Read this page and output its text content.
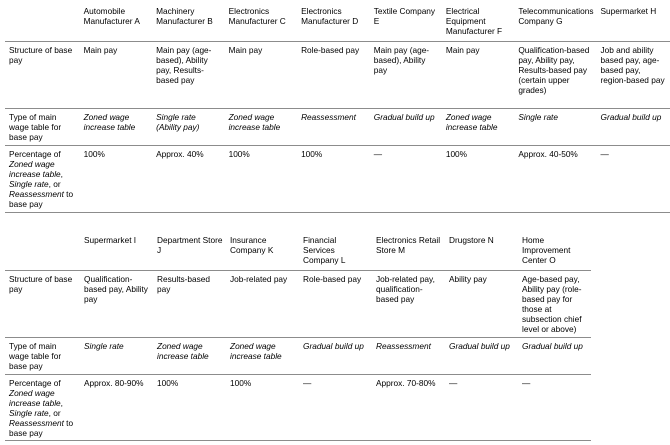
	Automobile Manufacturer A	Machinery Manufacturer B	Electronics Manufacturer C	Electronics Manufacturer D	Textile Company E	Electrical Equipment Manufacturer F	Telecommunications Company G	Supermarket H
Structure of base pay	Main pay	Main pay (age-based), Ability pay, Results-based pay	Main pay	Role-based pay	Main pay (age-based), Ability pay	Main pay	Qualification-based pay, Ability pay, Results-based pay (certain upper grades)	Job and ability based pay, age-based pay, region-based pay
Type of main wage table for base pay	Zoned wage increase table	Single rate (Ability pay)	Zoned wage increase table	Reassessment	Gradual build up	Zoned wage increase table	Single rate	Gradual build up
Percentage of Zoned wage increase table, Single rate, or Reassessment to base pay	100%	Approx. 40%	100%	100%	—	100%	Approx. 40-50%	—
	Supermarket I	Department Store J	Insurance Company K	Financial Services Company L	Electronics Retail Store M	Drugstore N	Home Improvement Center O
Structure of base pay	Qualification-based pay, Ability pay	Results-based pay	Job-related pay	Role-based pay	Job-related pay, qualification-based pay	Ability pay	Age-based pay, Ability pay (role-based pay for those at subsection chief level or above)
Type of main wage table for base pay	Single rate	Zoned wage increase table	Zoned wage increase table	Gradual build up	Reassessment	Gradual build up	Gradual build up
Percentage of Zoned wage increase table, Single rate, or Reassessment to base pay	Approx. 80-90%	100%	100%	—	Approx. 70-80%	—	—
